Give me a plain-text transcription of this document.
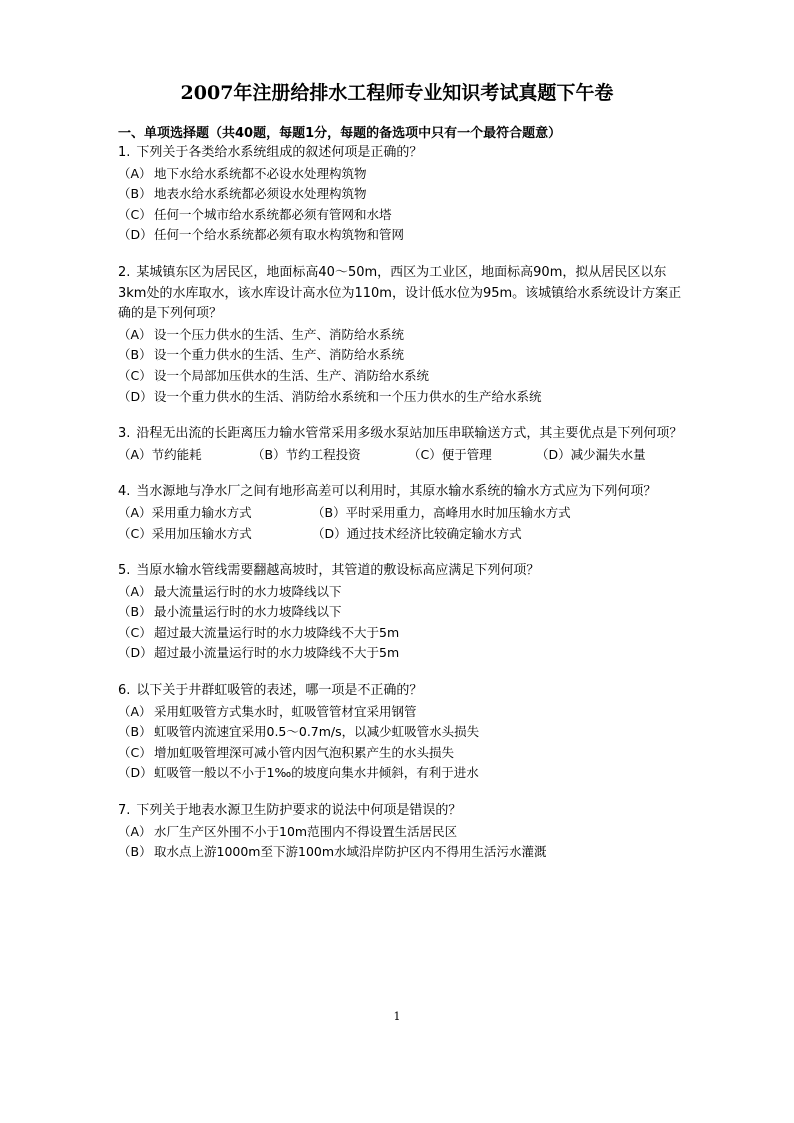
2007年注册给排水工程师专业知识考试真题下午卷
一、单项选择题（共40题，每题1分，每题的备选项中只有一个最符合题意）

1. 下列关于各类给水系统组成的叙述何项是正确的？

（A） 地下水给水系统都不必设水处理构筑物
（B） 地表水给水系统都必须设水处理构筑物
（C） 任何一个城市给水系统都必须有管网和水塔
（D）任何一个给水系统都必须有取水构筑物和管网

2. 某城镇东区为居民区，地面标高40～50m，西区为工业区，地面标高90m，拟从居民区以东3km处的水库取水，该水库设计高水位为110m，设计低水位为95m。该城镇给水系统设计方案正确的是下列何项？

（A） 设一个压力供水的生活、生产、消防给水系统
（B） 设一个重力供水的生活、生产、消防给水系统
（C） 设一个局部加压供水的生活、生产、消防给水系统
（D）设一个重力供水的生活、消防给水系统和一个压力供水的生产给水系统

3. 沿程无出流的长距离压力输水管常采用多级水泵站加压串联输送方式，其主要优点是下列何项？

（A）节约能耗	（B）节约工程投资	（C）便于管理	（D）减少漏失水量

4. 当水源地与净水厂之间有地形高差可以利用时，其原水输水系统的输水方式应为下列何项？

（A）采用重力输水方式	（B）平时采用重力，高峰用水时加压输水方式
（C）采用加压输水方式	（D）通过技术经济比较确定输水方式

5. 当原水输水管线需要翻越高坡时，其管道的敷设标高应满足下列何项？

（A） 最大流量运行时的水力坡降线以下
（B） 最小流量运行时的水力坡降线以下
（C） 超过最大流量运行时的水力坡降线不大于5m
（D）超过最小流量运行时的水力坡降线不大于5m

6. 以下关于井群虹吸管的表述，哪一项是不正确的？

（A） 采用虹吸管方式集水时，虹吸管管材宜采用钢管
（B） 虹吸管内流速宜采用0.5～0.7m/s，以减少虹吸管水头损失
（C） 增加虹吸管埋深可减小管内因气泡积累产生的水头损失
（D）虹吸管一般以不小于1‰的坡度向集水井倾斜，有利于进水

7. 下列关于地表水源卫生防护要求的说法中何项是错误的？

（A） 水厂生产区外围不小于10m范围内不得设置生活居民区
（B） 取水点上游1000m至下游100m水域沿岸防护区内不得用生活污水灌溉
1
